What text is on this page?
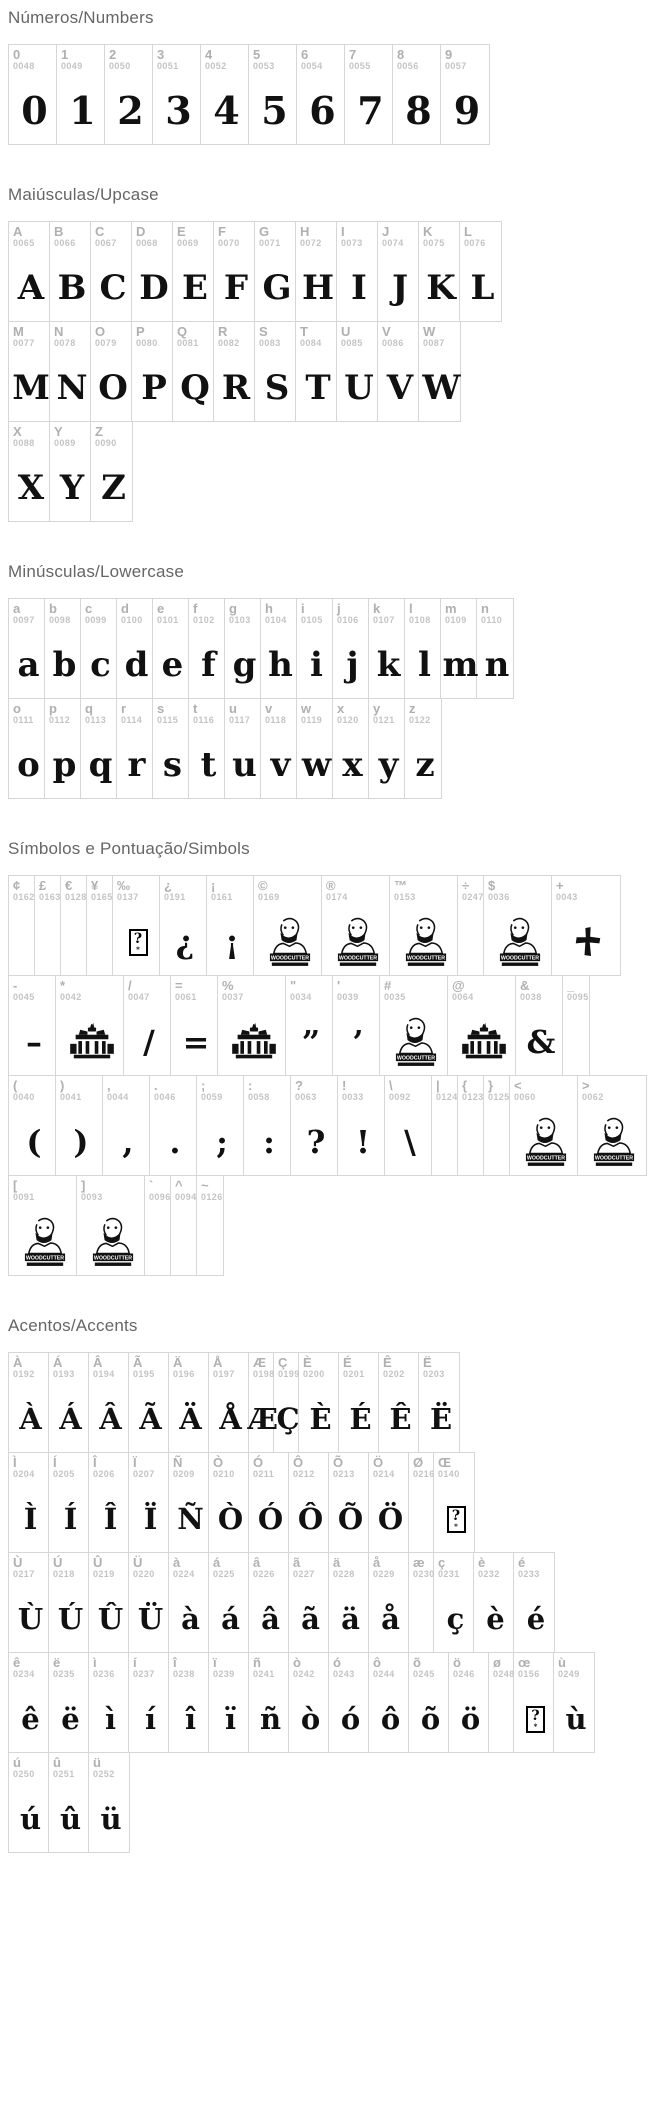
Números/Numbers
0
0048
0
1
0049
1
2
0050
2
3
0051
3
4
0052
4
5
0053
5
6
0054
6
7
0055
7
8
0056
8
9
0057
9
Maiúsculas/Upcase
A
0065
A
B
0066
B
C
0067
C
D
0068
D
E
0069
E
F
0070
F
G
0071
G
H
0072
H
I
0073
I
J
0074
J
K
0075
K
L
0076
L
M
0077
M
N
0078
N
O
0079
O
P
0080
P
Q
0081
Q
R
0082
R
S
0083
S
T
0084
T
U
0085
U
V
0086
V
W
0087
W
X
0088
X
Y
0089
Y
Z
0090
Z
Minúsculas/Lowercase
a
0097
a
b
0098
b
c
0099
c
d
0100
d
e
0101
e
f
0102
f
g
0103
g
h
0104
h
i
0105
i
j
0106
j
k
0107
k
l
0108
l
m
0109
m
n
0110
n
o
0111
o
p
0112
p
q
0113
q
r
0114
r
s
0115
s
t
0116
t
u
0117
u
v
0118
v
w
0119
w
x
0120
x
y
0121
y
z
0122
z
Símbolos e Pontuação/Simbols
¢
0162
£
0163
€
0128
¥
0165
‰
0137
?
*
¿
0191
¿
¡
0161
¡
©
0169
WOODCUTTER
®
0174
WOODCUTTER
™
0153
WOODCUTTER
÷
0247
$
0036
WOODCUTTER
+
0043
-
0045
–
*
0042
/
0047
/
=
0061
=
%
0037
"
0034
”
'
0039
’
#
0035
WOODCUTTER
@
0064
&
0038
&
_
0095
(
0040
(
)
0041
)
,
0044
,
.
0046
.
;
0059
;
:
0058
:
?
0063
?
!
0033
!
\
0092
\
|
0124
{
0123
}
0125
<
0060
WOODCUTTER
>
0062
WOODCUTTER
[
0091
WOODCUTTER
]
0093
WOODCUTTER
`
0096
^
0094
~
0126
Acentos/Accents
À
0192
À
Á
0193
Á
Â
0194
Â
Ã
0195
Ã
Ä
0196
Ä
Å
0197
Å
Æ
0198
Æ
Ç
0199
Ç
È
0200
È
É
0201
É
Ê
0202
Ê
Ë
0203
Ë
Ì
0204
Ì
Í
0205
Í
Î
0206
Î
Ï
0207
Ï
Ñ
0209
Ñ
Ò
0210
Ò
Ó
0211
Ó
Ô
0212
Ô
Õ
0213
Õ
Ö
0214
Ö
Ø
0216
Œ
0140
?
*
Ù
0217
Ù
Ú
0218
Ú
Û
0219
Û
Ü
0220
Ü
à
0224
à
á
0225
á
â
0226
â
ã
0227
ã
ä
0228
ä
å
0229
å
æ
0230
ç
0231
ç
è
0232
è
é
0233
é
ê
0234
ê
ë
0235
ë
ì
0236
ì
í
0237
í
î
0238
î
ï
0239
ï
ñ
0241
ñ
ò
0242
ò
ó
0243
ó
ô
0244
ô
õ
0245
õ
ö
0246
ö
ø
0248
œ
0156
?
*
ù
0249
ù
ú
0250
ú
û
0251
û
ü
0252
ü
